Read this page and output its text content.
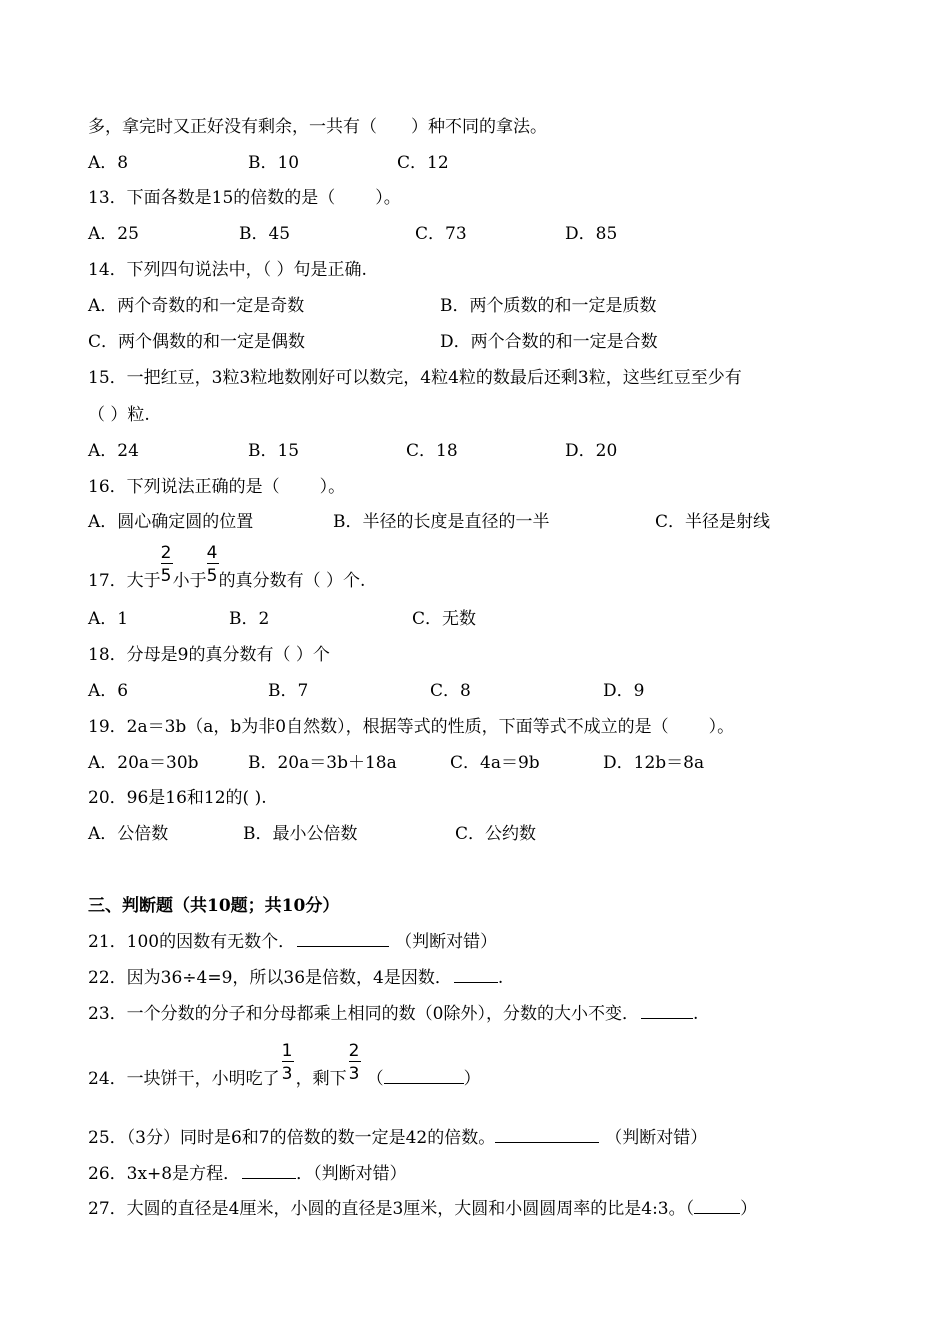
多，拿完时又正好没有剩余，一共有（ ）种不同的拿法。
A．8	B．10	C．12
13．下面各数是15的倍数的是（ ）。
A．25	B．45	C．73	D．85
14．下列四句说法中，（ ）句是正确.
A．两个奇数的和一定是奇数	B．两个质数的和一定是质数
C．两个偶数的和一定是偶数	D．两个合数的和一定是合数
15．一把红豆，3粒3粒地数刚好可以数完，4粒4粒的数最后还剩3粒，这些红豆至少有
（ ）粒.
A．24	B．15	C．18	D．20
16．下列说法正确的是（ ）。
A．圆心确定圆的位置	B．半径的长度是直径的一半	C．半径是射线
17．大于 $\frac{2}{5}$ 小于 $\frac{4}{5}$ 的真分数有（ ）个.
A．1	B．2	C．无数
18．分母是9的真分数有（ ）个
A．6	B．7	C．8	D．9
19．2a＝3b（a，b为非0自然数），根据等式的性质，下面等式不成立的是（ ）。
A．20a＝30b	B．20a＝3b＋18a	C．4a＝9b	D．12b＝8a
20．96是16和12的( ).
A．公倍数	B．最小公倍数	C．公约数
三、判断题（共10题；共10分）
21．100的因数有无数个．	（判断对错）
22．因为36÷4=9，所以36是倍数，4是因数．	.
23．一个分数的分子和分母都乘上相同的数（0除外），分数的大小不变．	.
24．一块饼干，小明吃了 $\frac{1}{3}$ ，剩下 $\frac{2}{3}$ （	）
25．（3分）同时是6和7的倍数的数一定是42的倍数。	（判断对错）
26．3x+8是方程．	．（判断对错）
27．大圆的直径是4厘米，小圆的直径是3厘米，大圆和小圆圆周率的比是4:3。（	）
